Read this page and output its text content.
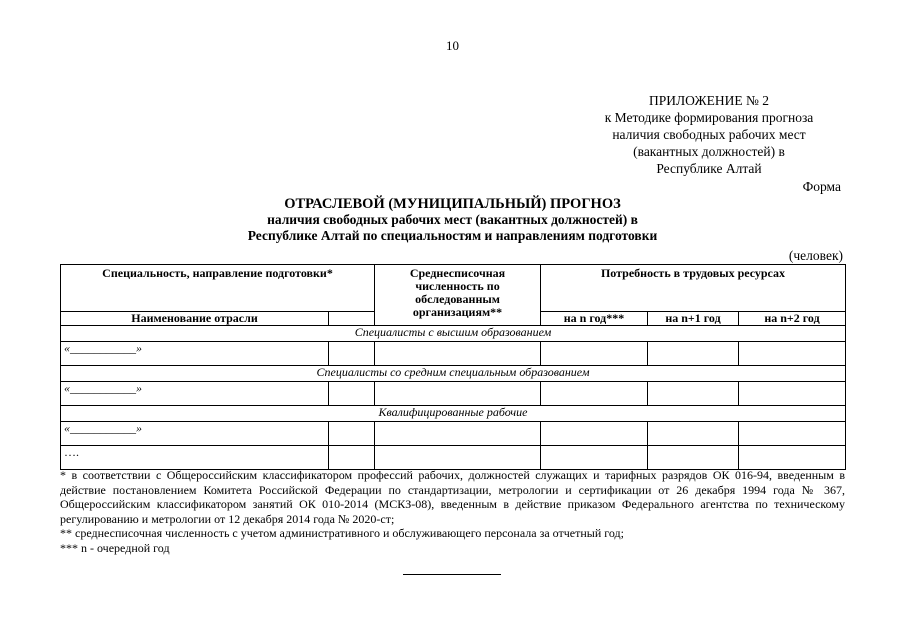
10
ПРИЛОЖЕНИЕ № 2
к Методике формирования прогноза
наличия свободных рабочих мест
(вакантных должностей) в
Республике Алтай
Форма
ОТРАСЛЕВОЙ (МУНИЦИПАЛЬНЫЙ) ПРОГНОЗ
наличия свободных рабочих мест (вакантных должностей) в
Республике Алтай по специальностям и направлениям подготовки
(человек)
Специальность, направление подготовки*		Среднесписочная численность по обследованным организациям**	Потребность в трудовых ресурсах		
Наименование отрасли			на n год***	на n+1 год	на n+2 год
Специалисты с высшим образованием					
«___________»					
Специалисты со средним специальным образованием					
«___________»					
Квалифицированные рабочие					
«___________»					
….					

* в соответствии с Общероссийским классификатором профессий рабочих, должностей служащих и тарифных разрядов ОК 016-94, введенным в действие постановлением Комитета Российской Федерации по стандартизации, метрологии и сертификации от 26 декабря 1994 года № 367, Общероссийским классификатором занятий ОК 010-2014 (МСКЗ-08), введенным в действие приказом Федерального агентства по техническому регулированию и метрологии от 12 декабря 2014 года № 2020-ст;

** среднесписочная численность с учетом административного и обслуживающего персонала за отчетный год;

*** n - очередной год
